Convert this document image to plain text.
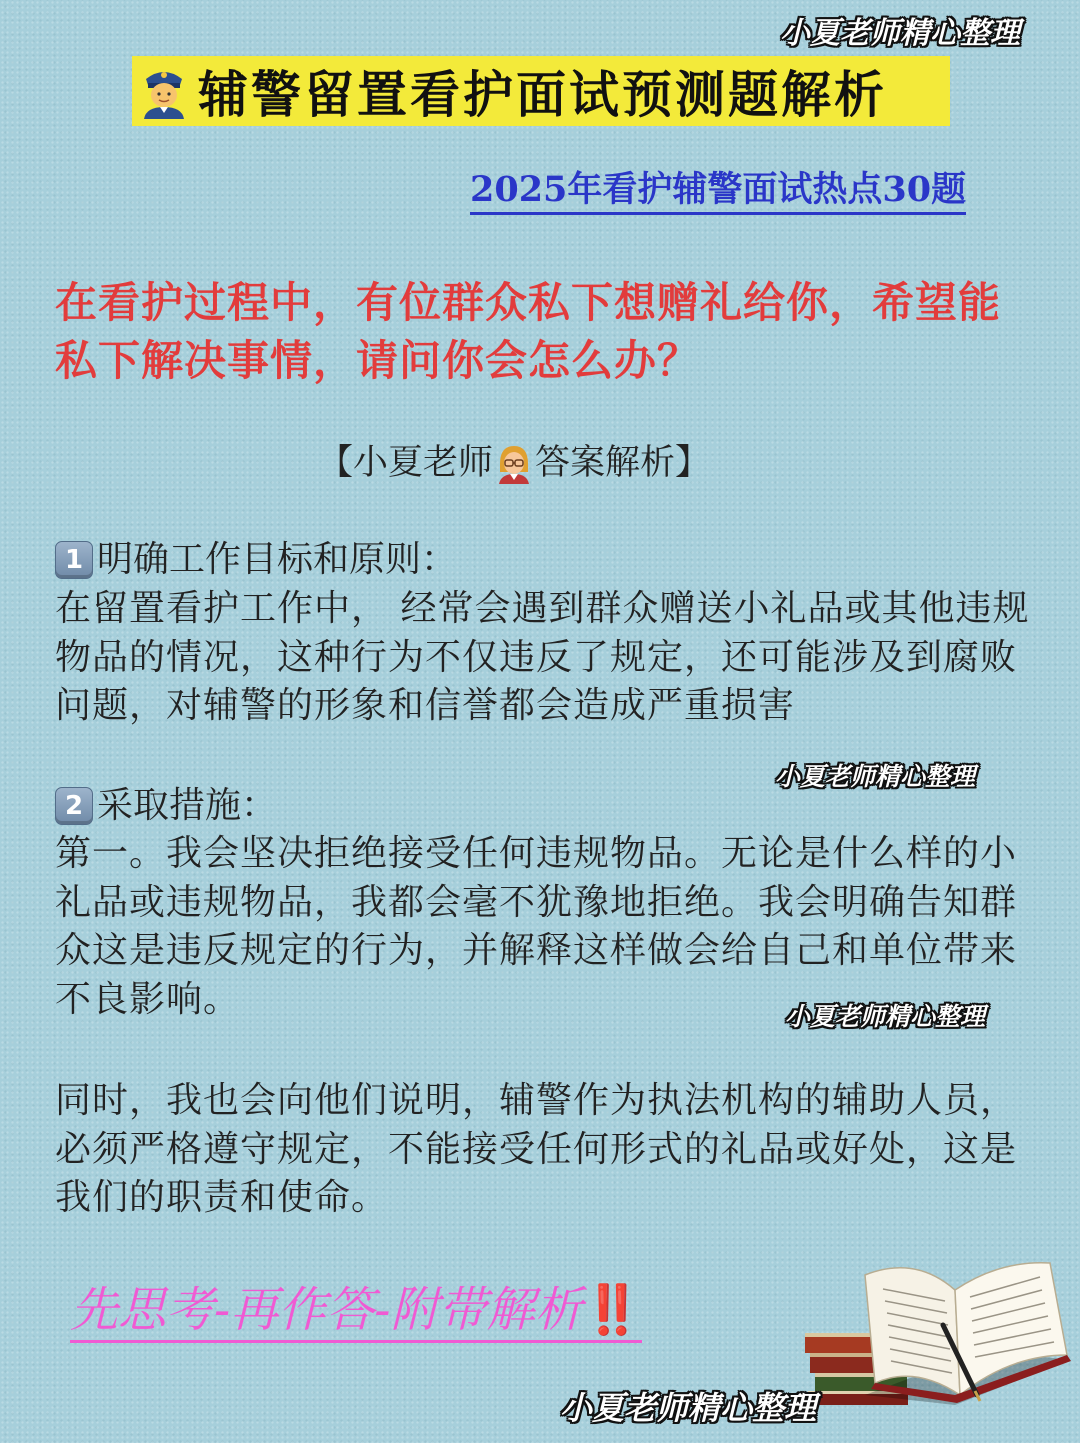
小夏老师精心整理
辅警留置看护面试预测题解析
2025年看护辅警面试热点30题
在看护过程中，有位群众私下想赠礼给你，希望能私下解决事情，请问你会怎么办？
【小夏老师 答案解析】
1 明确工作目标和原则：
在留置看护工作中， 经常会遇到群众赠送小礼品或其他违规物品的情况，这种行为不仅违反了规定，还可能涉及到腐败问题，对辅警的形象和信誉都会造成严重损害
小夏老师精心整理
2 采取措施：
第一。我会坚决拒绝接受任何违规物品。无论是什么样的小礼品或违规物品，我都会毫不犹豫地拒绝。我会明确告知群众这是违反规定的行为，并解释这样做会给自己和单位带来不良影响。	小夏老师精心整理
同时，我也会向他们说明，辅警作为执法机构的辅助人员，必须严格遵守规定，不能接受任何形式的礼品或好处，这是我们的职责和使命。
先思考-再作答-附带解析‼️
小夏老师精心整理
